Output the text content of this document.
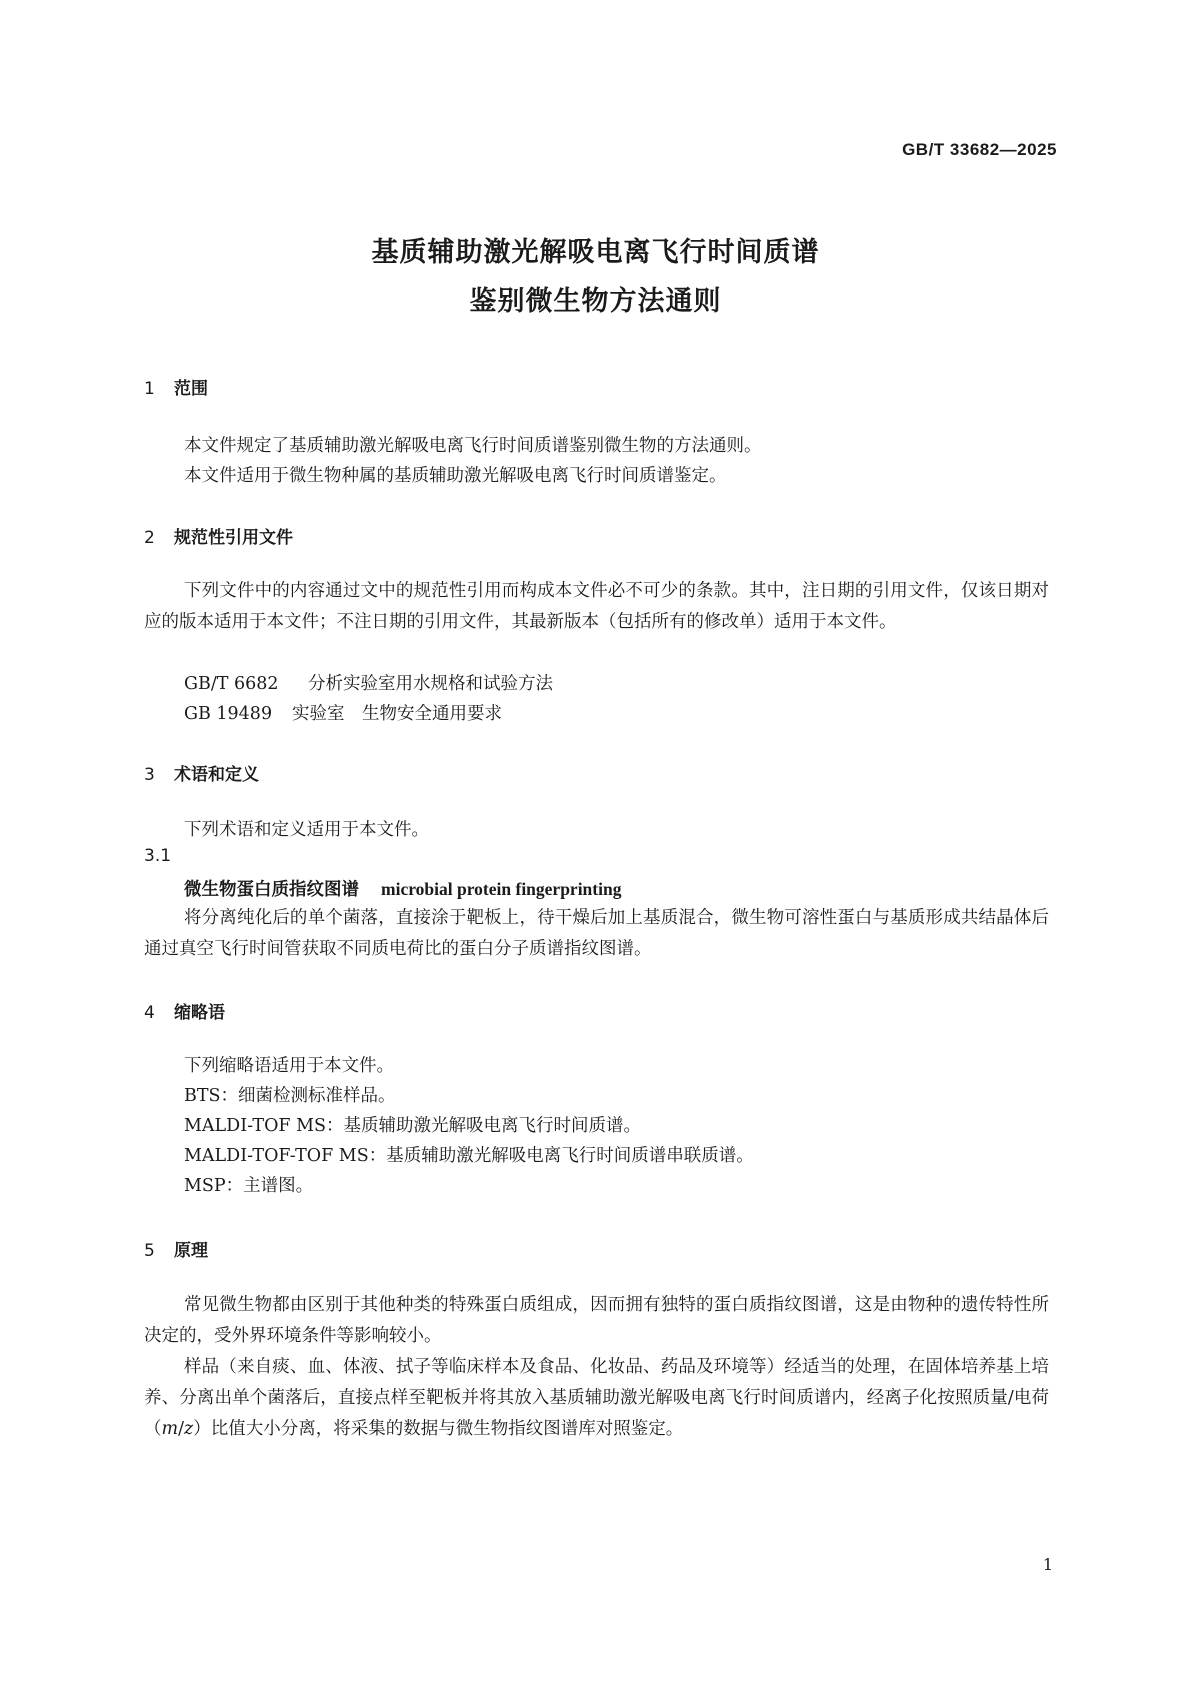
GB/T 33682—2025
基质辅助激光解吸电离飞行时间质谱
鉴别微生物方法通则
1 范围
本文件规定了基质辅助激光解吸电离飞行时间质谱鉴别微生物的方法通则。
本文件适用于微生物种属的基质辅助激光解吸电离飞行时间质谱鉴定。
2 规范性引用文件
下列文件中的内容通过文中的规范性引用而构成本文件必不可少的条款。其中，注日期的引用文件，仅该日期对应的版本适用于本文件；不注日期的引用文件，其最新版本（包括所有的修改单）适用于本文件。
GB/T 6682 分析实验室用水规格和试验方法
GB 19489 实验室　生物安全通用要求
3 术语和定义
下列术语和定义适用于本文件。
3.1
微生物蛋白质指纹图谱 microbial protein fingerprinting
将分离纯化后的单个菌落，直接涂于靶板上，待干燥后加上基质混合，微生物可溶性蛋白与基质形成共结晶体后通过真空飞行时间管获取不同质电荷比的蛋白分子质谱指纹图谱。
4 缩略语
下列缩略语适用于本文件。
BTS：细菌检测标准样品。
MALDI-TOF MS：基质辅助激光解吸电离飞行时间质谱。
MALDI-TOF-TOF MS：基质辅助激光解吸电离飞行时间质谱串联质谱。
MSP：主谱图。
5 原理
常见微生物都由区别于其他种类的特殊蛋白质组成，因而拥有独特的蛋白质指纹图谱，这是由物种的遗传特性所决定的，受外界环境条件等影响较小。
样品（来自痰、血、体液、拭子等临床样本及食品、化妆品、药品及环境等）经适当的处理，在固体培养基上培养、分离出单个菌落后，直接点样至靶板并将其放入基质辅助激光解吸电离飞行时间质谱内，经离子化按照质量/电荷（m/z）比值大小分离，将采集的数据与微生物指纹图谱库对照鉴定。
1
